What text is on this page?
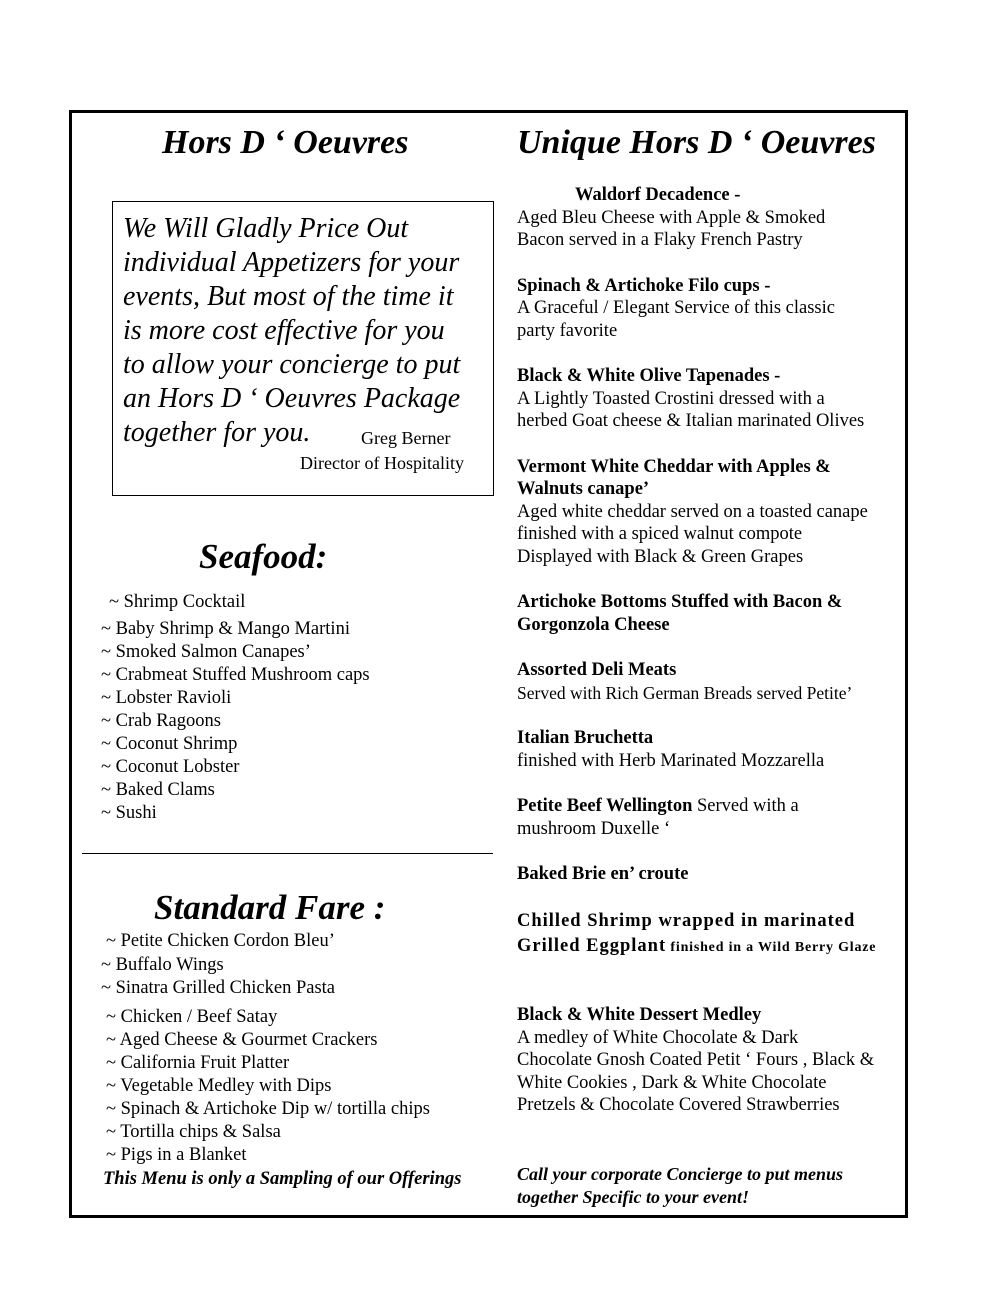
Hors D ‘ Oeuvres
We Will Gladly Price Out
individual Appetizers for your
events, But most of the time it
is more cost effective for you
to allow your concierge to put
an Hors D ‘ Oeuvres Package
together for you.	Greg Berner
Director of Hospitality
Seafood:
~ Shrimp Cocktail
~ Baby Shrimp & Mango Martini
~ Smoked Salmon Canapes’
~ Crabmeat Stuffed Mushroom caps
~ Lobster Ravioli
~ Crab Ragoons
~ Coconut Shrimp
~ Coconut Lobster
~ Baked Clams
~ Sushi
Standard Fare :
~ Petite Chicken Cordon Bleu’
~ Buffalo Wings
~ Sinatra Grilled Chicken Pasta
~ Chicken / Beef Satay
~ Aged Cheese & Gourmet Crackers
~ California Fruit Platter
~ Vegetable Medley with Dips
~ Spinach & Artichoke Dip w/ tortilla chips
~ Tortilla chips & Salsa
~ Pigs in a Blanket
This Menu is only a Sampling of our Offerings
Unique Hors D ‘ Oeuvres
Waldorf Decadence -
Aged Bleu Cheese with Apple & Smoked
Bacon served in a Flaky French Pastry
Spinach & Artichoke Filo cups -
A Graceful / Elegant Service of this classic
party favorite
Black & White Olive Tapenades -
A Lightly Toasted Crostini dressed with a
herbed Goat cheese & Italian marinated Olives
Vermont White Cheddar with Apples &
Walnuts canape’
Aged white cheddar served on a toasted canape
finished with a spiced walnut compote
Displayed with Black & Green Grapes
Artichoke Bottoms Stuffed with Bacon &
Gorgonzola Cheese
Assorted Deli Meats
Served with Rich German Breads served Petite’
Italian Bruchetta
finished with Herb Marinated Mozzarella
Petite Beef Wellington Served with a
mushroom Duxelle ‘
Baked Brie en’ croute
Chilled Shrimp wrapped in marinated
Grilled Eggplant finished in a Wild Berry Glaze
Black & White Dessert Medley
A medley of White Chocolate & Dark
Chocolate Gnosh Coated Petit ‘ Fours , Black &
White Cookies , Dark & White Chocolate
Pretzels & Chocolate Covered Strawberries
Call your corporate Concierge to put menus
together Specific to your event!
